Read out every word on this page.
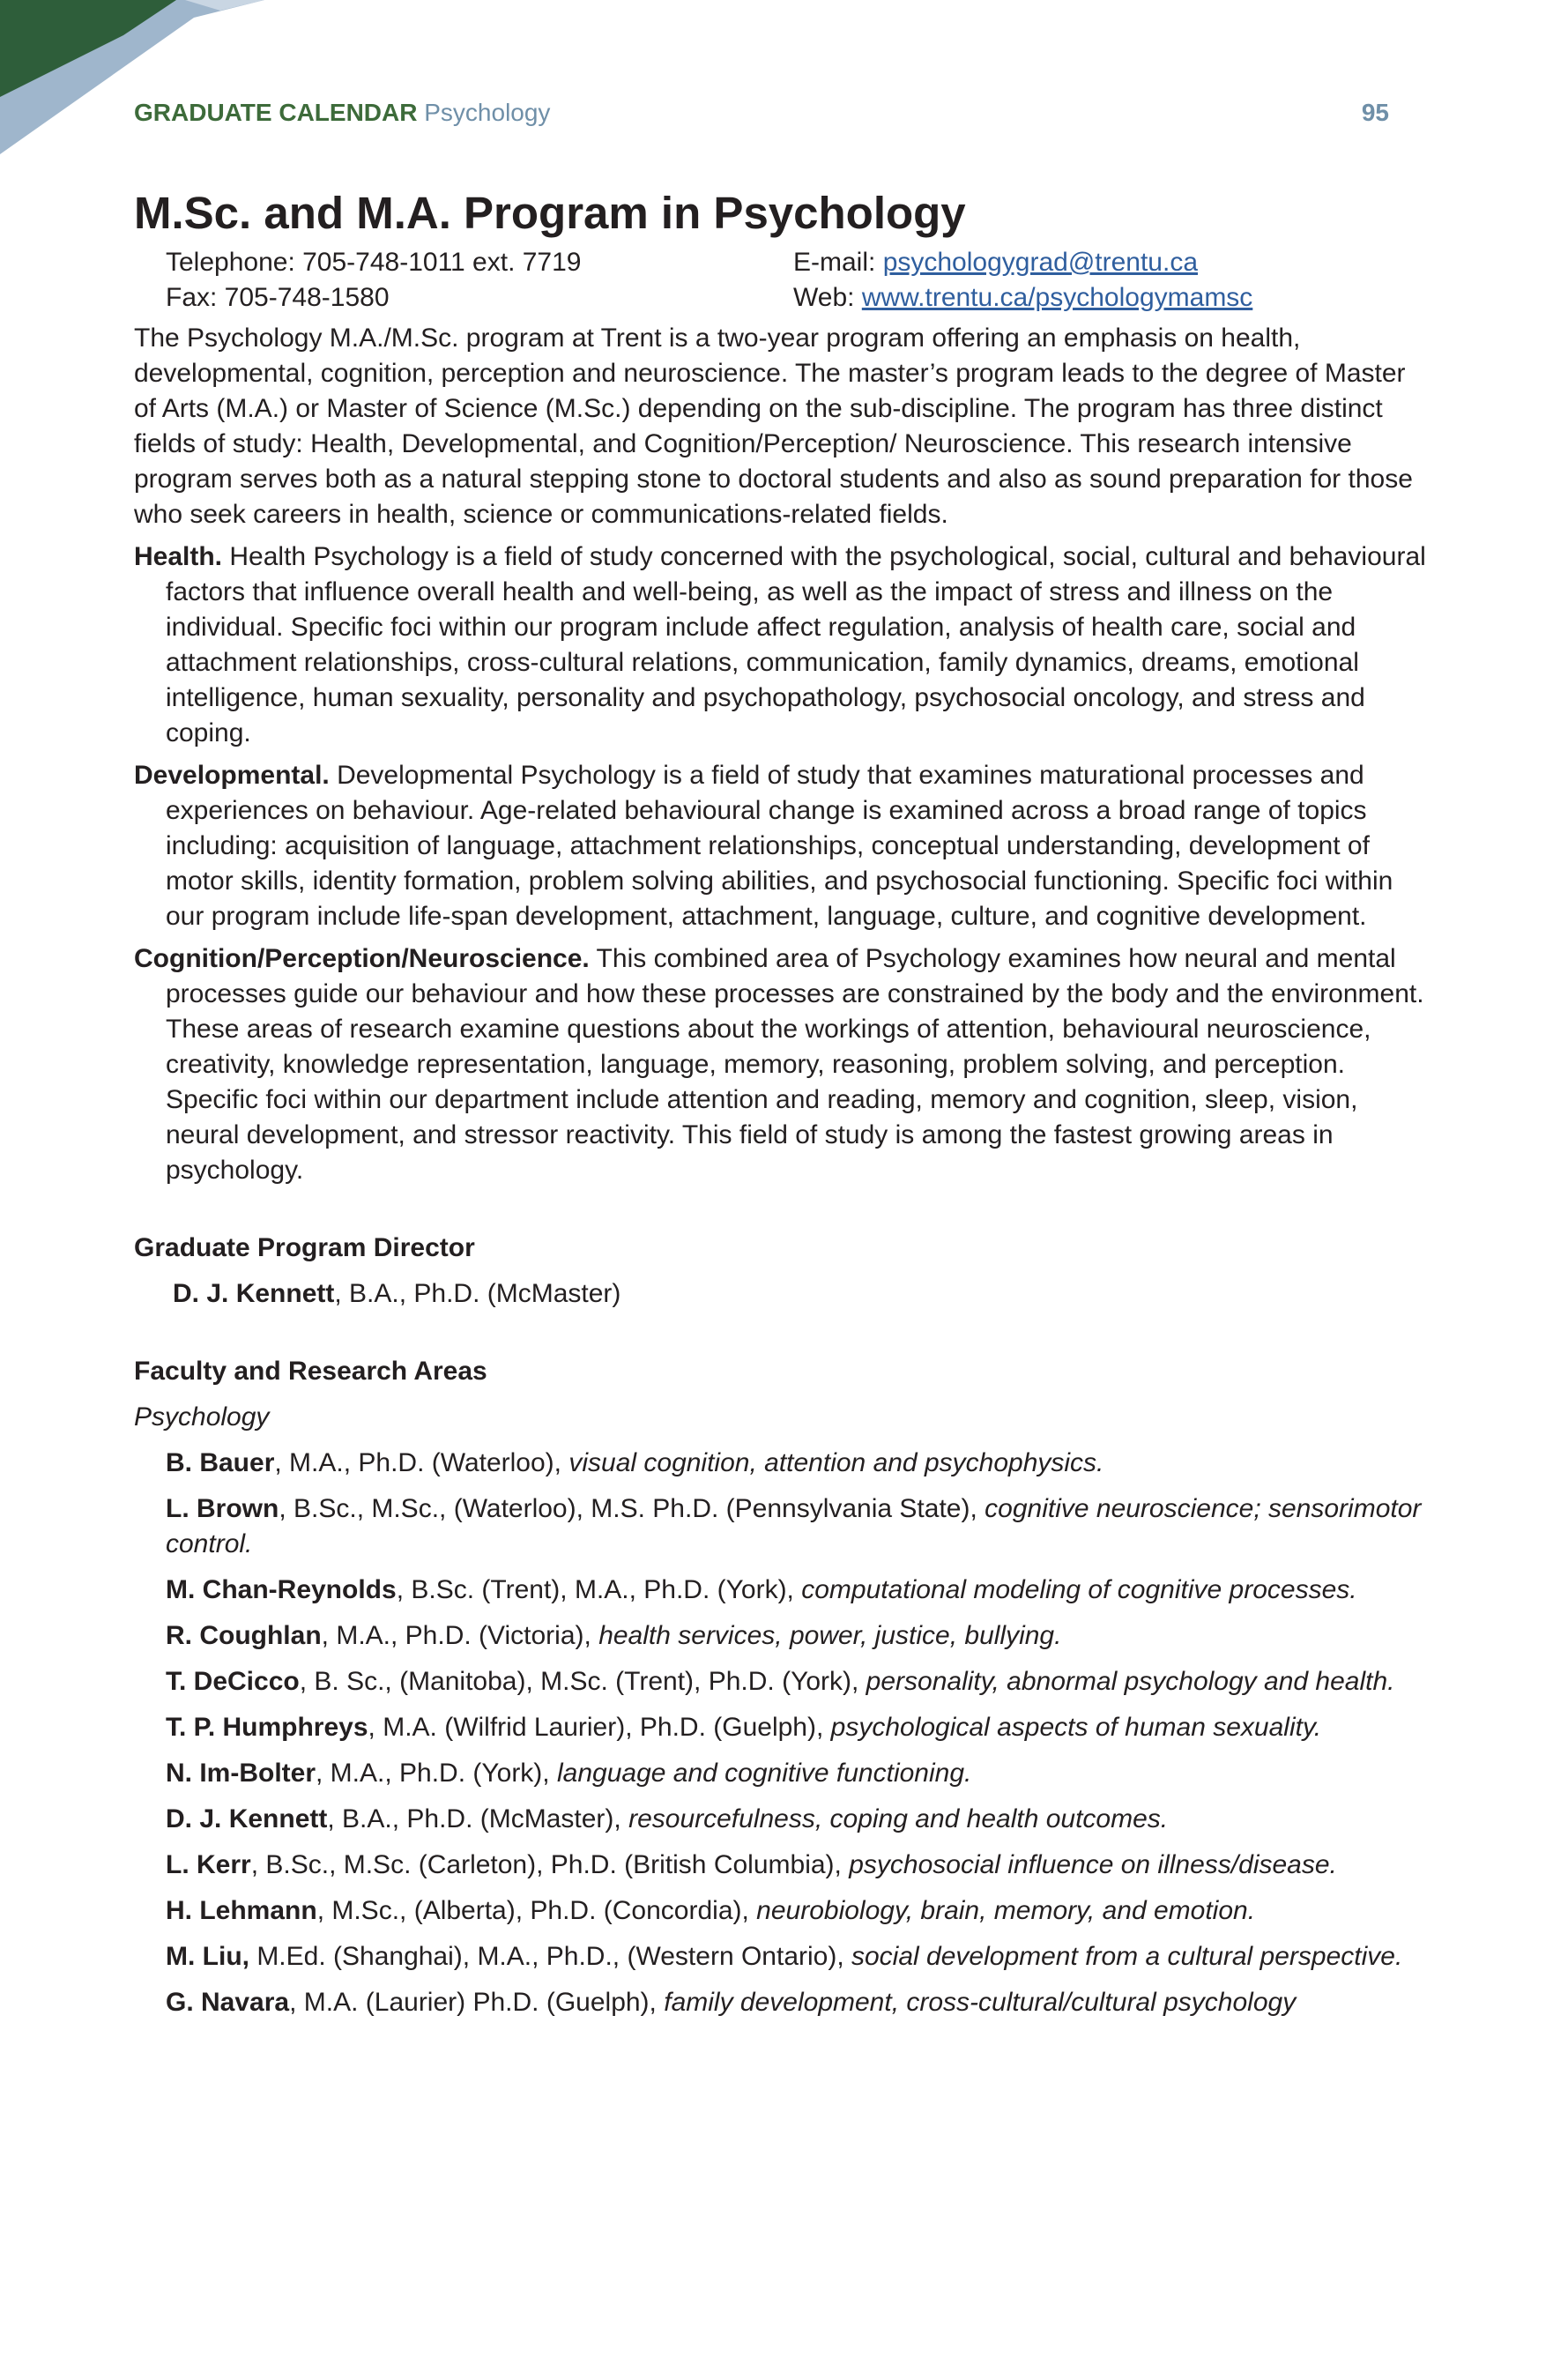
GRADUATE CALENDAR Psychology	95
M.Sc. and M.A. Program in Psychology
Telephone: 705-748-1011 ext. 7719	E-mail: psychologygrad@trentu.ca
Fax: 705-748-1580	Web: www.trentu.ca/psychologymamsc

The Psychology M.A./M.Sc. program at Trent is a two-year program offering an emphasis on health, developmental, cognition, perception and neuroscience. The master’s program leads to the degree of Master of Arts (M.A.) or Master of Science (M.Sc.) depending on the sub-discipline. The program has three distinct fields of study: Health, Developmental, and Cognition/Perception/ Neuroscience. This research intensive program serves both as a natural stepping stone to doctoral students and also as sound preparation for those who seek careers in health, science or communications-related fields.

Health. Health Psychology is a field of study concerned with the psychological, social, cultural and behavioural factors that influence overall health and well-being, as well as the impact of stress and illness on the individual. Specific foci within our program include affect regulation, analysis of health care, social and attachment relationships, cross-cultural relations, communication, family dynamics, dreams, emotional intelligence, human sexuality, personality and psychopathology, psychosocial oncology, and stress and coping.

Developmental. Developmental Psychology is a field of study that examines maturational processes and experiences on behaviour. Age-related behavioural change is examined across a broad range of topics including: acquisition of language, attachment relationships, conceptual understanding, development of motor skills, identity formation, problem solving abilities, and psychosocial functioning. Specific foci within our program include life-span development, attachment, language, culture, and cognitive development.

Cognition/Perception/Neuroscience. This combined area of Psychology examines how neural and mental processes guide our behaviour and how these processes are constrained by the body and the environment. These areas of research examine questions about the workings of attention, behavioural neuroscience, creativity, knowledge representation, language, memory, reasoning, problem solving, and perception. Specific foci within our department include attention and reading, memory and cognition, sleep, vision, neural development, and stressor reactivity. This field of study is among the fastest growing areas in psychology.

Graduate Program Director
D. J. Kennett, B.A., Ph.D. (McMaster)
Faculty and Research Areas
Psychology
B. Bauer, M.A., Ph.D. (Waterloo), visual cognition, attention and psychophysics.
L. Brown, B.Sc., M.Sc., (Waterloo), M.S. Ph.D. (Pennsylvania State), cognitive neuroscience; sensorimotor control.
M. Chan-Reynolds, B.Sc. (Trent), M.A., Ph.D. (York), computational modeling of cognitive processes.
R. Coughlan, M.A., Ph.D. (Victoria), health services, power, justice, bullying.
T. DeCicco, B. Sc., (Manitoba), M.Sc. (Trent), Ph.D. (York), personality, abnormal psychology and health.
T. P. Humphreys, M.A. (Wilfrid Laurier), Ph.D. (Guelph), psychological aspects of human sexuality.
N. Im-Bolter, M.A., Ph.D. (York), language and cognitive functioning.
D. J. Kennett, B.A., Ph.D. (McMaster), resourcefulness, coping and health outcomes.
L. Kerr, B.Sc., M.Sc. (Carleton), Ph.D. (British Columbia), psychosocial influence on illness/disease.
H. Lehmann, M.Sc., (Alberta), Ph.D. (Concordia), neurobiology, brain, memory, and emotion.
M. Liu, M.Ed. (Shanghai), M.A., Ph.D., (Western Ontario), social development from a cultural perspective.
G. Navara, M.A. (Laurier) Ph.D. (Guelph), family development, cross-cultural/cultural psychology
